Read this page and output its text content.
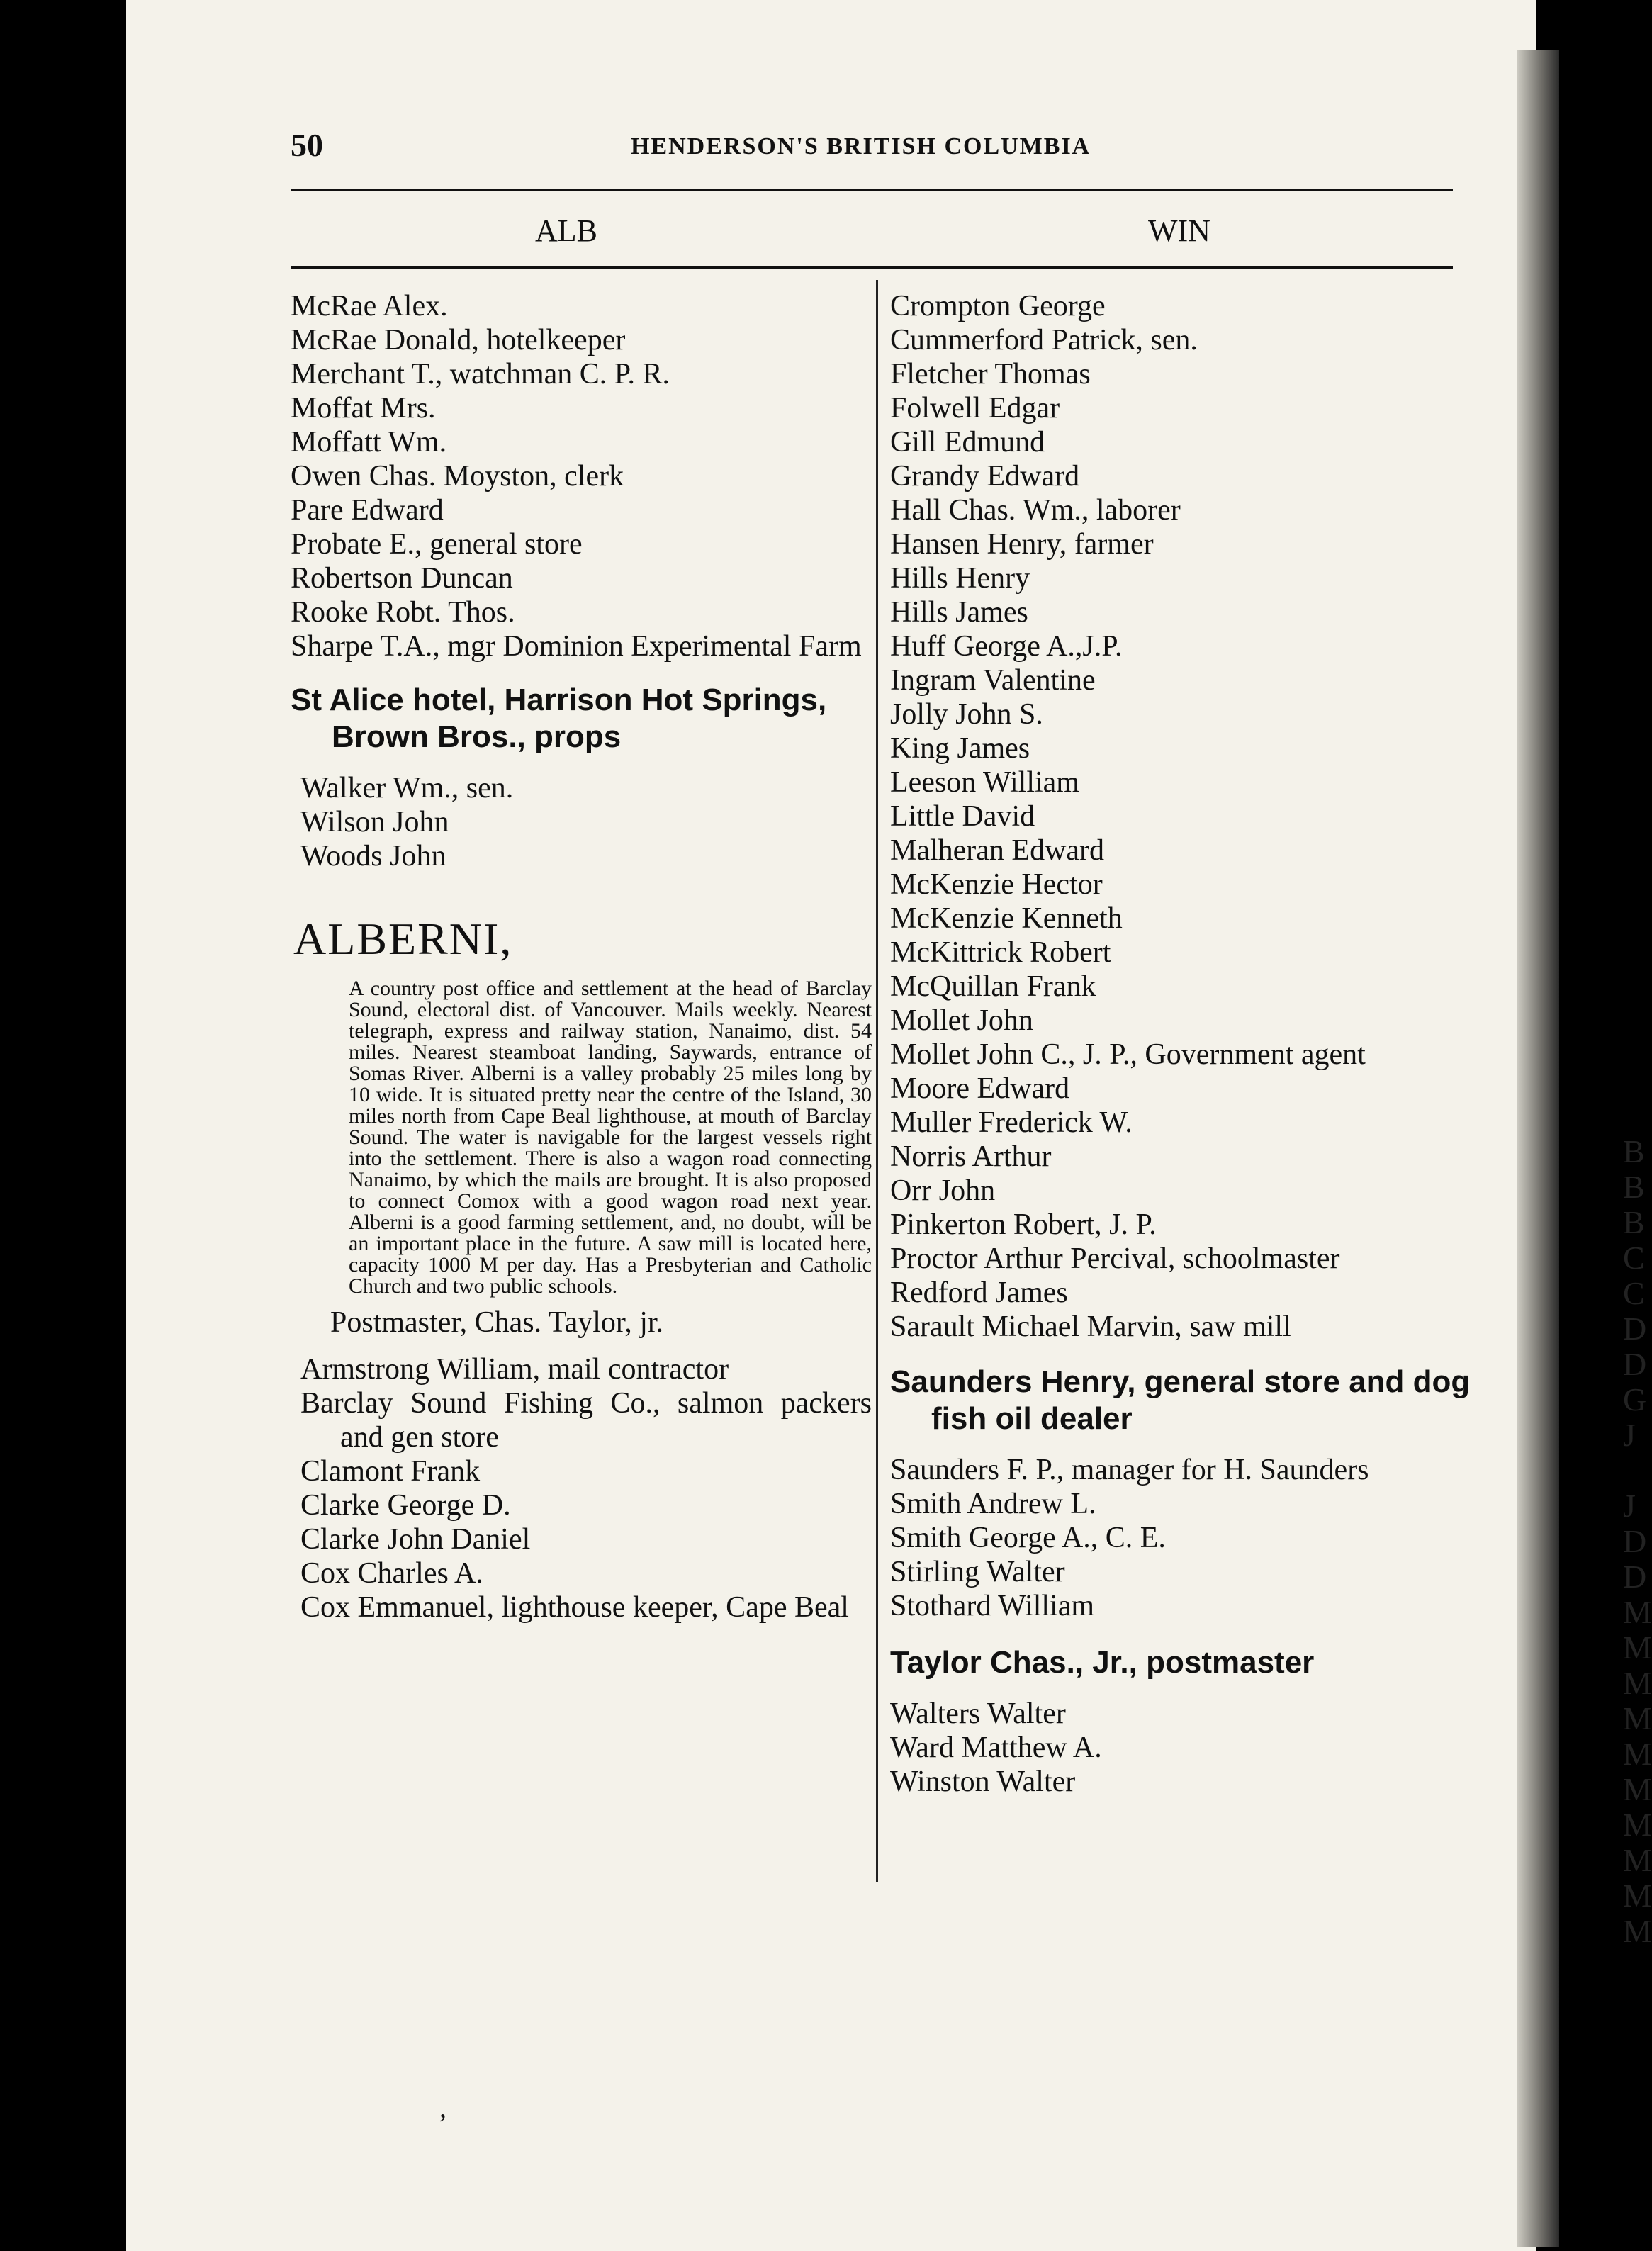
B
B
B
C
C
D
D
G
J
J
D
D
M
M
M
M
M
M
M
M
M
M
50	HENDERSON'S BRITISH COLUMBIA
ALB	WIN

McRae Alex.

McRae Donald, hotelkeeper

Merchant T., watchman C. P. R.

Moffat Mrs.

Moffatt Wm.

Owen Chas. Moyston, clerk

Pare Edward

Probate E., general store

Robertson Duncan

Rooke Robt. Thos.

Sharpe T.A., mgr Dominion Experimental Farm

St Alice hotel, Harrison Hot Springs, Brown Bros., props

Walker Wm., sen.

Wilson John

Woods John

ALBERNI,

A country post office and settlement at the head of Barclay Sound, electoral dist. of Vancouver. Mails weekly. Nearest telegraph, express and railway station, Nanaimo, dist. 54 miles. Nearest steamboat landing, Saywards, entrance of Somas River. Alberni is a valley probably 25 miles long by 10 wide. It is situated pretty near the centre of the Island, 30 miles north from Cape Beal lighthouse, at mouth of Barclay Sound. The water is navigable for the largest vessels right into the settlement. There is also a wagon road connecting Nanaimo, by which the mails are brought. It is also proposed to connect Comox with a good wagon road next year. Alberni is a good farming settlement, and, no doubt, will be an important place in the future. A saw mill is located here, capacity 1000 M per day. Has a Presbyterian and Catholic Church and two public schools.

Postmaster, Chas. Taylor, jr.

Armstrong William, mail contractor

Barclay Sound Fishing Co., salmon packers and gen store

Clamont Frank

Clarke George D.

Clarke John Daniel

Cox Charles A.

Cox Emmanuel, lighthouse keeper, Cape Beal

Crompton George

Cummerford Patrick, sen.

Fletcher Thomas

Folwell Edgar

Gill Edmund

Grandy Edward

Hall Chas. Wm., laborer

Hansen Henry, farmer

Hills Henry

Hills James

Huff George A.,J.P.

Ingram Valentine

Jolly John S.

King James

Leeson William

Little David

Malheran Edward

McKenzie Hector

McKenzie Kenneth

McKittrick Robert

McQuillan Frank

Mollet John

Mollet John C., J. P., Government agent

Moore Edward

Muller Frederick W.

Norris Arthur

Orr John

Pinkerton Robert, J. P.

Proctor Arthur Percival, schoolmaster

Redford James

Sarault Michael Marvin, saw mill

Saunders Henry, general store and dog fish oil dealer

Saunders F. P., manager for H. Saunders

Smith Andrew L.

Smith George A., C. E.

Stirling Walter

Stothard William

Taylor Chas., Jr., postmaster

Walters Walter

Ward Matthew A.

Winston Walter

,
